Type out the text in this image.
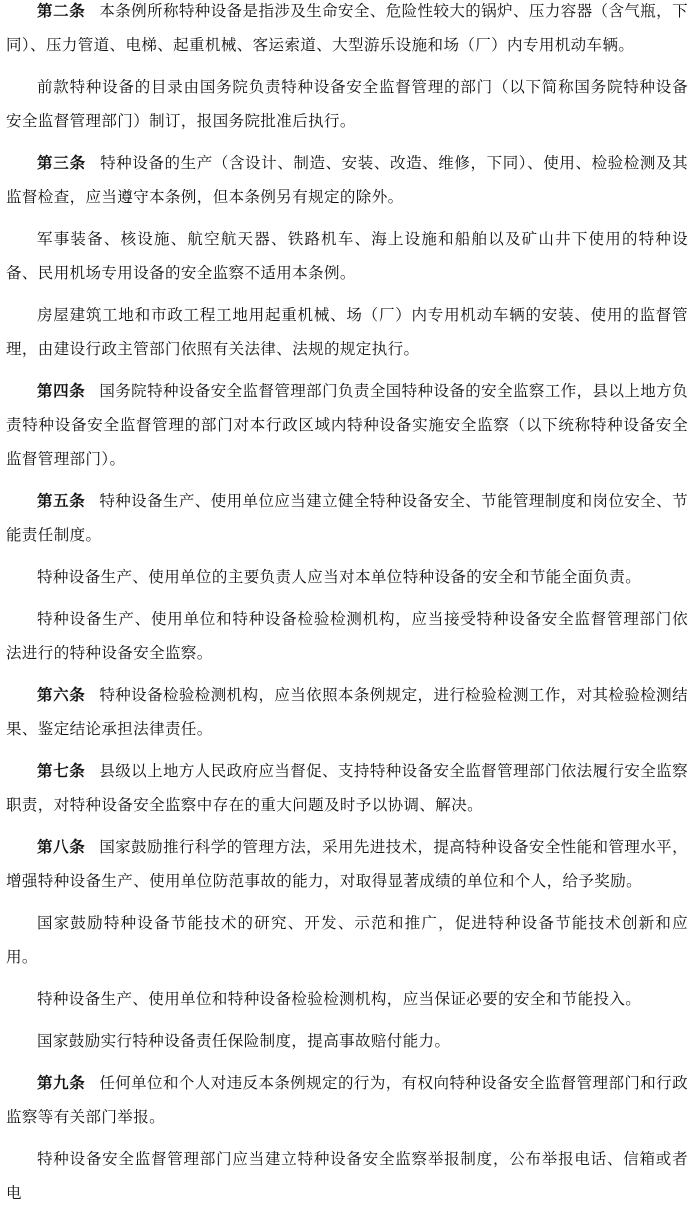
第二条 本条例所称特种设备是指涉及生命安全、危险性较大的锅炉、压力容器（含气瓶，下同）、压力管道、电梯、起重机械、客运索道、大型游乐设施和场（厂）内专用机动车辆。

前款特种设备的目录由国务院负责特种设备安全监督管理的部门（以下简称国务院特种设备安全监督管理部门）制订，报国务院批准后执行。

第三条 特种设备的生产（含设计、制造、安装、改造、维修，下同）、使用、检验检测及其监督检查，应当遵守本条例，但本条例另有规定的除外。

军事装备、核设施、航空航天器、铁路机车、海上设施和船舶以及矿山井下使用的特种设备、民用机场专用设备的安全监察不适用本条例。

房屋建筑工地和市政工程工地用起重机械、场（厂）内专用机动车辆的安装、使用的监督管理，由建设行政主管部门依照有关法律、法规的规定执行。

第四条 国务院特种设备安全监督管理部门负责全国特种设备的安全监察工作，县以上地方负责特种设备安全监督管理的部门对本行政区域内特种设备实施安全监察（以下统称特种设备安全监督管理部门）。

第五条 特种设备生产、使用单位应当建立健全特种设备安全、节能管理制度和岗位安全、节能责任制度。

特种设备生产、使用单位的主要负责人应当对本单位特种设备的安全和节能全面负责。

特种设备生产、使用单位和特种设备检验检测机构，应当接受特种设备安全监督管理部门依法进行的特种设备安全监察。

第六条 特种设备检验检测机构，应当依照本条例规定，进行检验检测工作，对其检验检测结果、鉴定结论承担法律责任。

第七条 县级以上地方人民政府应当督促、支持特种设备安全监督管理部门依法履行安全监察职责，对特种设备安全监察中存在的重大问题及时予以协调、解决。

第八条 国家鼓励推行科学的管理方法，采用先进技术，提高特种设备安全性能和管理水平，增强特种设备生产、使用单位防范事故的能力，对取得显著成绩的单位和个人，给予奖励。

国家鼓励特种设备节能技术的研究、开发、示范和推广，促进特种设备节能技术创新和应用。

特种设备生产、使用单位和特种设备检验检测机构，应当保证必要的安全和节能投入。

国家鼓励实行特种设备责任保险制度，提高事故赔付能力。

第九条 任何单位和个人对违反本条例规定的行为，有权向特种设备安全监督管理部门和行政监察等有关部门举报。

特种设备安全监督管理部门应当建立特种设备安全监察举报制度，公布举报电话、信箱或者电
